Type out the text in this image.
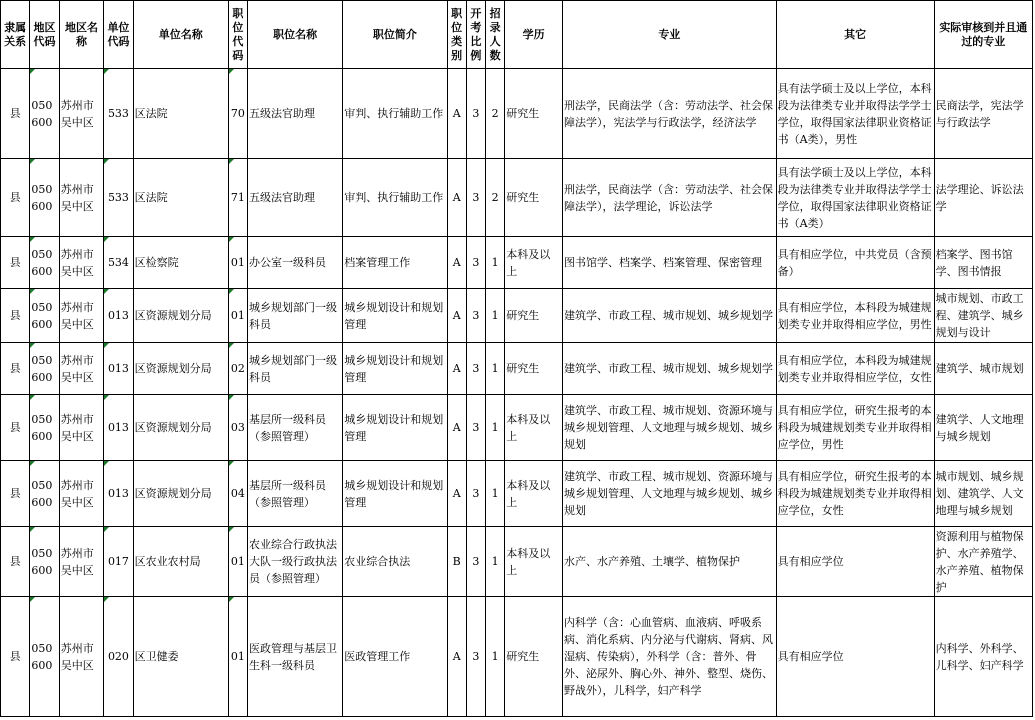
隶属关系	地区代码	地区名称	单位代码	单位名称	职位代码	职位名称	职位简介	职位类别	开考比例	招录人数	学历	专业	其它	实际审核到并且通过的专业
县	050600	苏州市吴中区	533	区法院	70	五级法官助理	审判、执行辅助工作	A	3	2	研究生	刑法学，民商法学（含：劳动法学、社会保障法学），宪法学与行政法学，经济法学	具有法学硕士及以上学位，本科段为法律类专业并取得法学学士学位，取得国家法律职业资格证书（A类），男性	民商法学，宪法学与行政法学
县	050600	苏州市吴中区	533	区法院	71	五级法官助理	审判、执行辅助工作	A	3	2	研究生	刑法学，民商法学（含：劳动法学、社会保障法学），法学理论，诉讼法学	具有法学硕士及以上学位，本科段为法律类专业并取得法学学士学位，取得国家法律职业资格证书（A类）	法学理论、诉讼法学
县	050600	苏州市吴中区	534	区检察院	01	办公室一级科员	档案管理工作	A	3	1	本科及以上	图书馆学、档案学、档案管理、保密管理	具有相应学位，中共党员（含预备）	档案学、图书馆学、图书情报
县	050600	苏州市吴中区	013	区资源规划分局	01	城乡规划部门一级科员	城乡规划设计和规划管理	A	3	1	研究生	建筑学、市政工程、城市规划、城乡规划学	具有相应学位，本科段为城建规划类专业并取得相应学位，男性	城市规划、市政工程、建筑学、城乡规划与设计
县	050600	苏州市吴中区	013	区资源规划分局	02	城乡规划部门一级科员	城乡规划设计和规划管理	A	3	1	研究生	建筑学、市政工程、城市规划、城乡规划学	具有相应学位，本科段为城建规划类专业并取得相应学位，女性	建筑学、城市规划
县	050600	苏州市吴中区	013	区资源规划分局	03	基层所一级科员（参照管理）	城乡规划设计和规划管理	A	3	1	本科及以上	建筑学、市政工程、城市规划、资源环境与城乡规划管理、人文地理与城乡规划、城乡规划	具有相应学位，研究生报考的本科段为城建规划类专业并取得相应学位，男性	建筑学、人文地理与城乡规划
县	050600	苏州市吴中区	013	区资源规划分局	04	基层所一级科员（参照管理）	城乡规划设计和规划管理	A	3	1	本科及以上	建筑学、市政工程、城市规划、资源环境与城乡规划管理、人文地理与城乡规划、城乡规划	具有相应学位，研究生报考的本科段为城建规划类专业并取得相应学位，女性	城市规划、城乡规划、建筑学、人文地理与城乡规划
县	050600	苏州市吴中区	017	区农业农村局	01	农业综合行政执法大队一级行政执法员（参照管理）	农业综合执法	B	3	1	本科及以上	水产、水产养殖、土壤学、植物保护	具有相应学位	资源利用与植物保护、水产养殖学、水产养殖、植物保护
县	050600	苏州市吴中区	020	区卫健委	01	医政管理与基层卫生科一级科员	医政管理工作	A	3	1	研究生	内科学（含：心血管病、血液病、呼吸系病、消化系病、内分泌与代谢病、肾病、风湿病、传染病），外科学（含：普外、骨外、泌尿外、胸心外、神外、整型、烧伤、野战外），儿科学，妇产科学	具有相应学位	内科学、外科学、儿科学、妇产科学
